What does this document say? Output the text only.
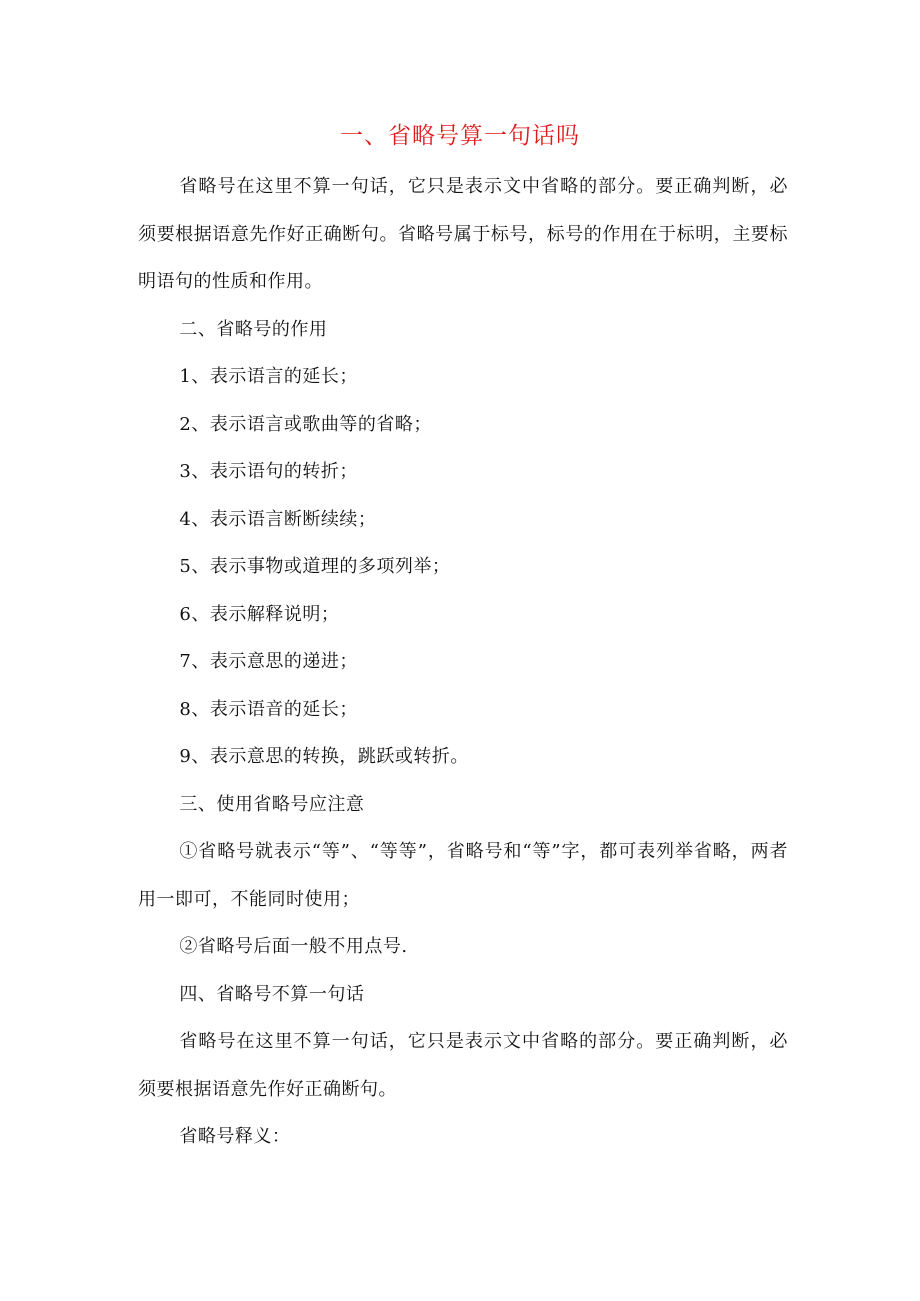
一、省略号算一句话吗

省略号在这里不算一句话，它只是表示文中省略的部分。要正确判断，必须要根据语意先作好正确断句。省略号属于标号，标号的作用在于标明，主要标明语句的性质和作用。

二、省略号的作用

1、表示语言的延长；

2、表示语言或歌曲等的省略；

3、表示语句的转折；

4、表示语言断断续续；

5、表示事物或道理的多项列举；

6、表示解释说明；

7、表示意思的递进；

8、表示语音的延长；

9、表示意思的转换，跳跃或转折。

三、使用省略号应注意

①省略号就表示“等”、“等等”，省略号和“等”字，都可表列举省略，两者用一即可，不能同时使用；

②省略号后面一般不用点号.

四、省略号不算一句话

省略号在这里不算一句话，它只是表示文中省略的部分。要正确判断，必须要根据语意先作好正确断句。

省略号释义：
